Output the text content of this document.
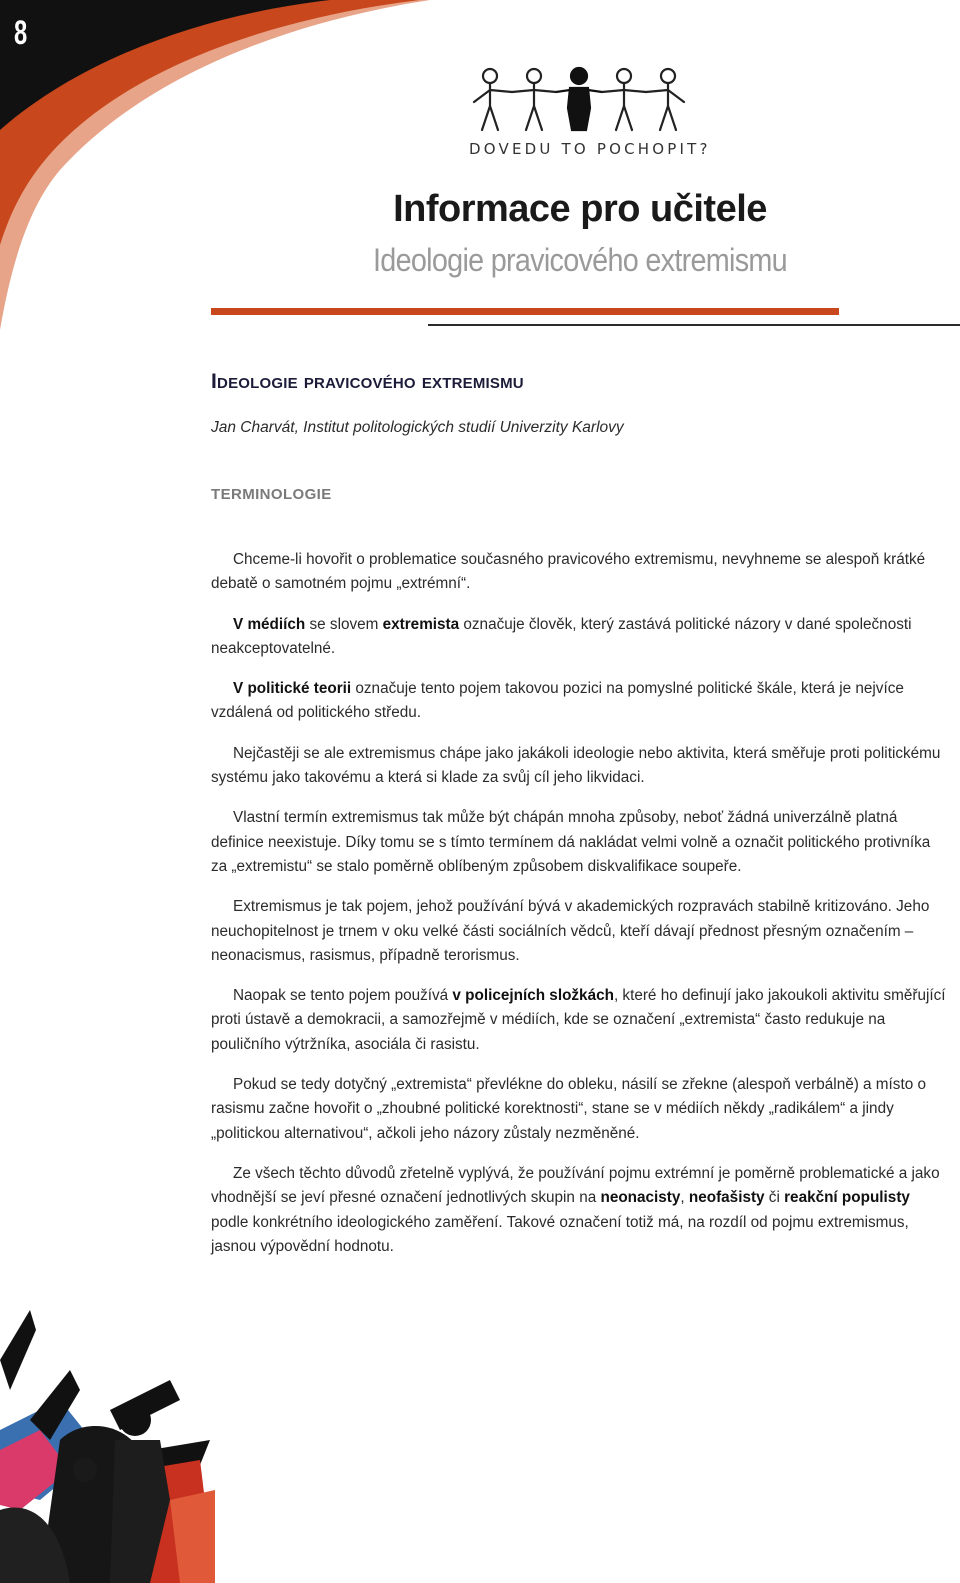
8
DOVEDU TO POCHOPIT?
Informace pro učitele
Ideologie pravicového extremismu
Ideologie pravicového extremismu
Jan Charvát, Institut politologických studií Univerzity Karlovy
TERMINOLOGIE

Chceme-li hovořit o problematice současného pravicového extremismu, nevyhneme se alespoň krátké debatě o samotném pojmu „extrémní“.

V médiích se slovem extremista označuje člověk, který zastává politické názory v dané společnosti neakceptovatelné.

V politické teorii označuje tento pojem takovou pozici na pomyslné politické škále, která je nejvíce vzdálená od politického středu.

Nejčastěji se ale extremismus chápe jako jakákoli ideologie nebo aktivita, která směřuje proti politickému systému jako takovému a která si klade za svůj cíl jeho likvidaci.

Vlastní termín extremismus tak může být chápán mnoha způsoby, neboť žádná univerzálně platná definice neexistuje. Díky tomu se s tímto termínem dá nakládat velmi volně a označit politického protivníka za „extremistu“ se stalo poměrně oblíbeným způsobem diskvalifikace soupeře.

Extremismus je tak pojem, jehož používání bývá v akademických rozpravách stabilně kritizováno. Jeho neuchopitelnost je trnem v oku velké části sociálních vědců, kteří dávají přednost přesným označením – neonacismus, rasismus, případně terorismus.

Naopak se tento pojem používá v policejních složkách, které ho definují jako jakoukoli aktivitu směřující proti ústavě a demokracii, a samozřejmě v médiích, kde se označení „extremista“ často redukuje na pouličního výtržníka, asociála či rasistu.

Pokud se tedy dotyčný „extremista“ převlékne do obleku, násilí se zřekne (alespoň verbálně) a místo o rasismu začne hovořit o „zhoubné politické korektnosti“, stane se v médiích někdy „radikálem“ a jindy „politickou alternativou“, ačkoli jeho názory zůstaly nezměněné.

Ze všech těchto důvodů zřetelně vyplývá, že používání pojmu extrémní je poměrně problematické a jako vhodnější se jeví přesné označení jednotlivých skupin na neonacisty, neofašisty či reakční populisty podle konkrétního ideologického zaměření. Takové označení totiž má, na rozdíl od pojmu extremismus, jasnou výpovědní hodnotu.
